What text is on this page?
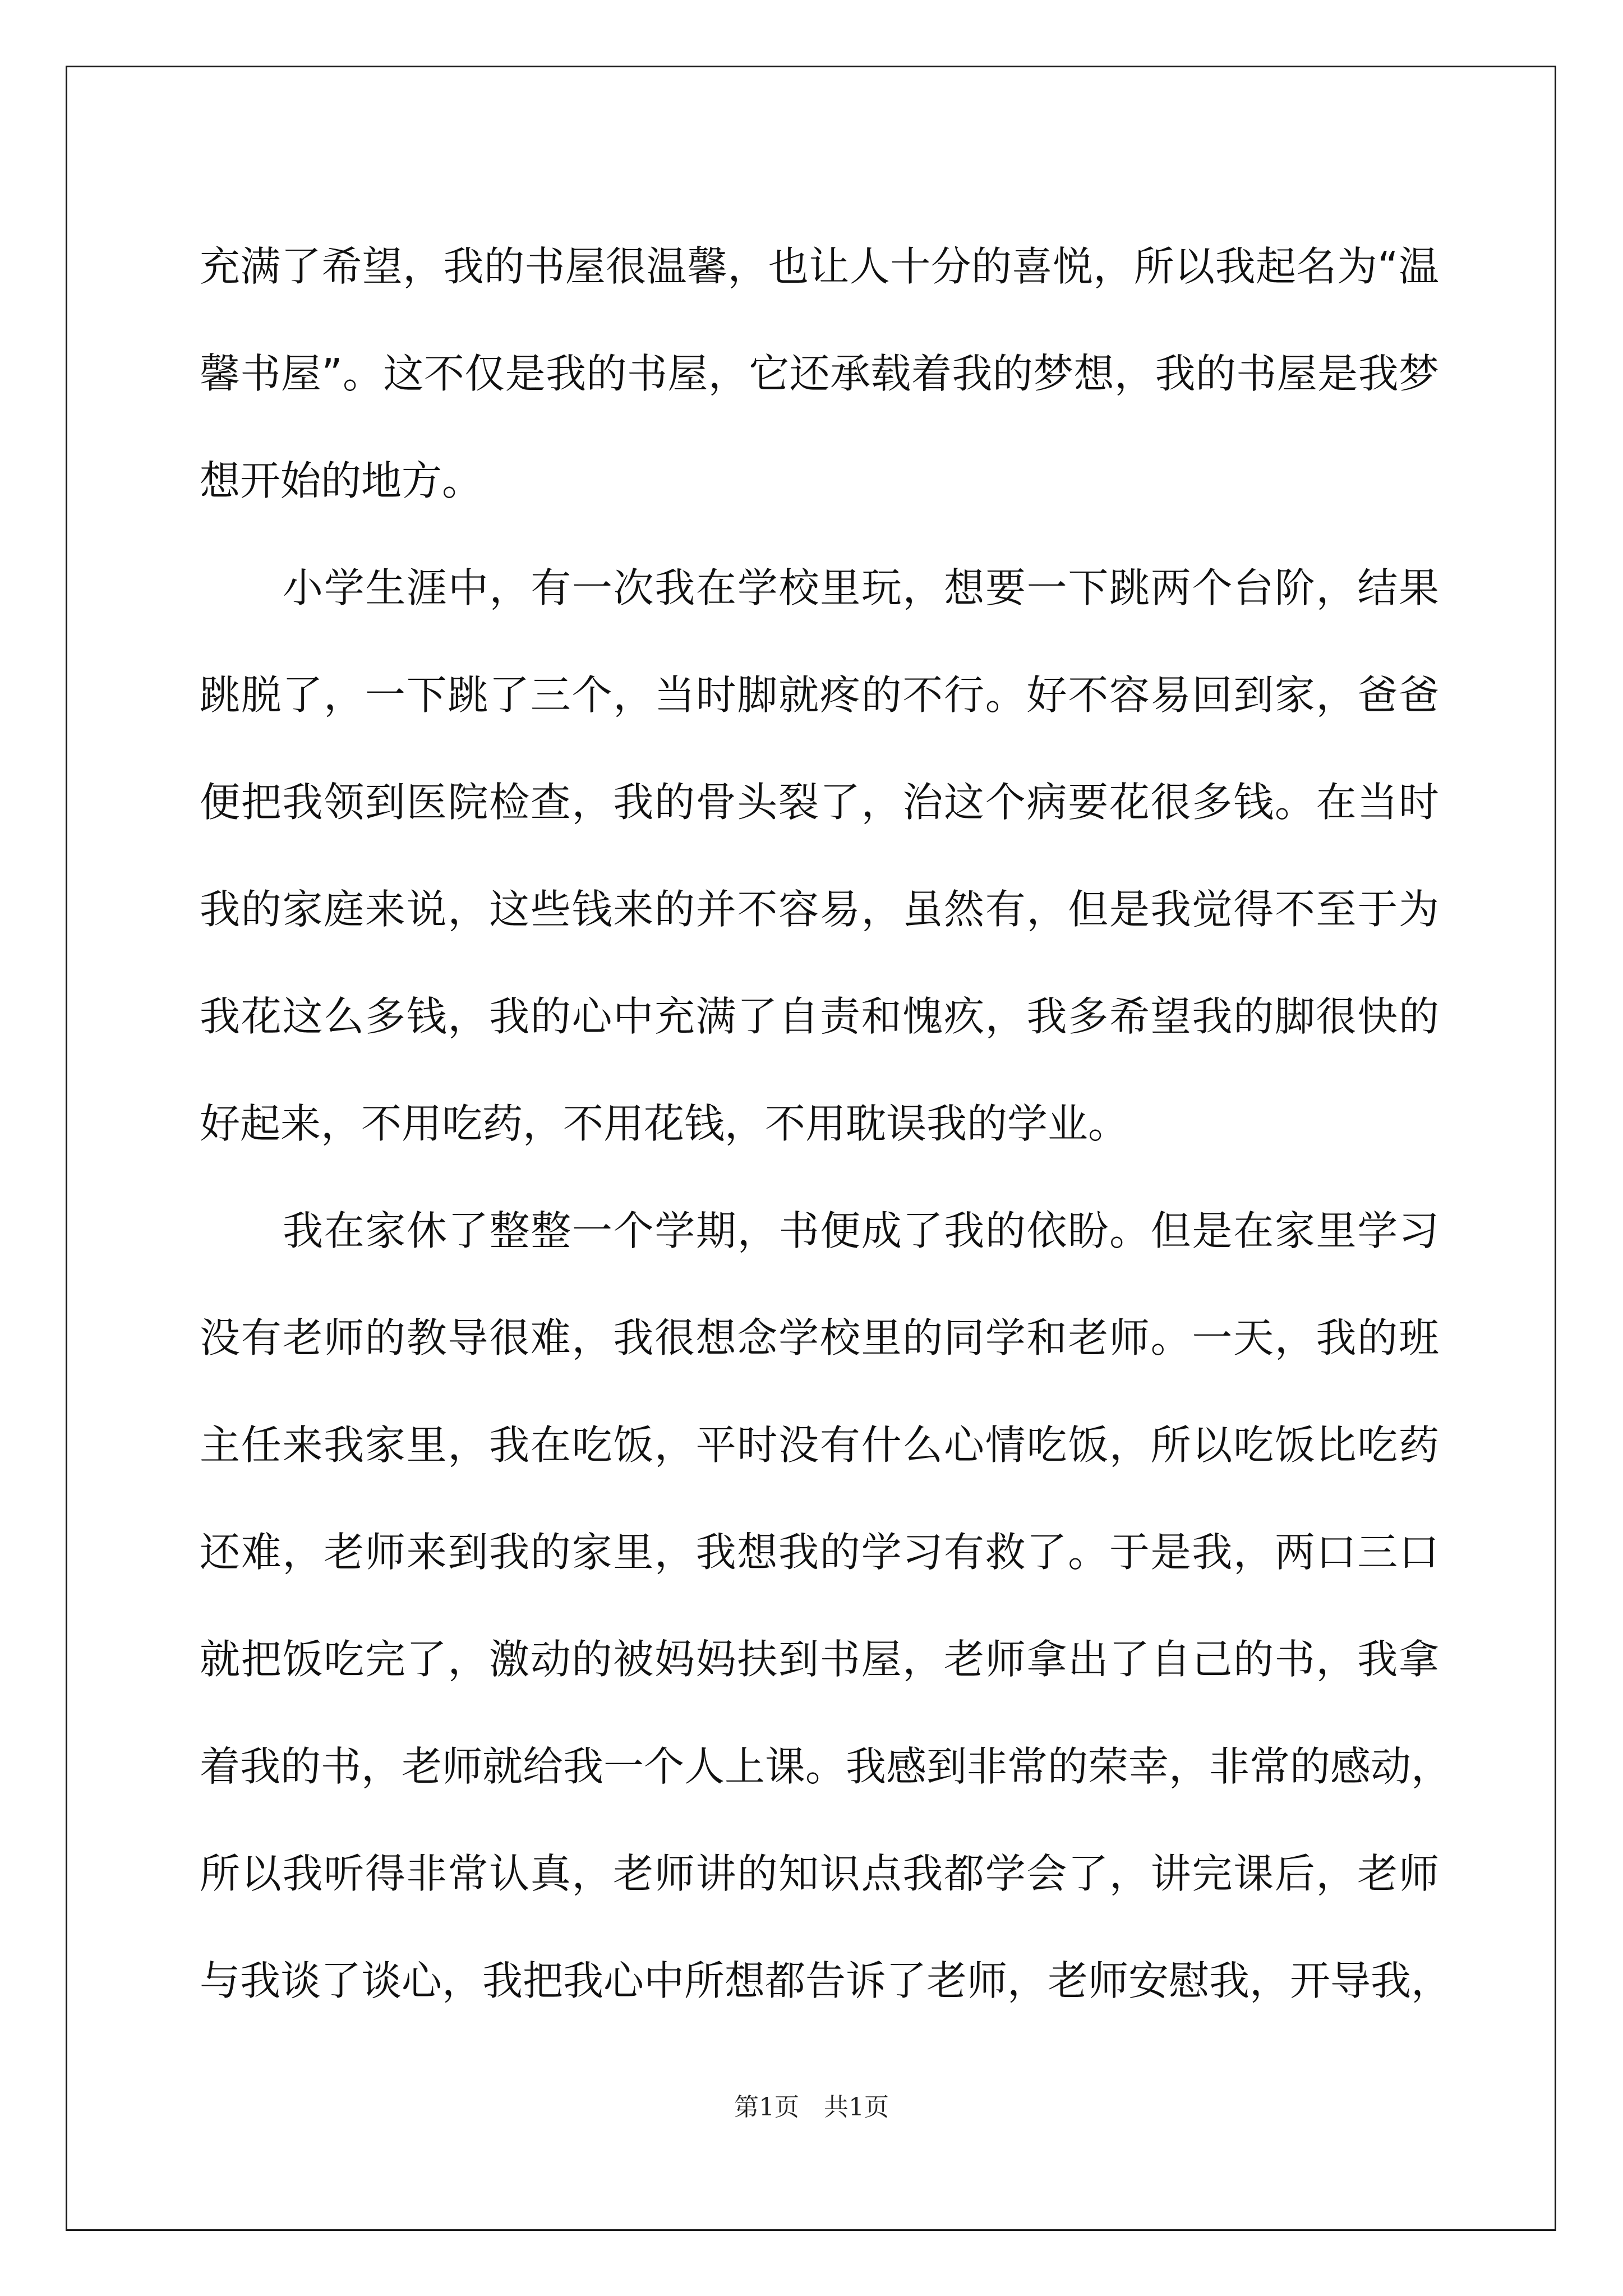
充满了希望，我的书屋很温馨，也让人十分的喜悦，所以我起名为“温
馨书屋”。这不仅是我的书屋，它还承载着我的梦想，我的书屋是我梦
想开始的地方。
小学生涯中，有一次我在学校里玩，想要一下跳两个台阶，结果
跳脱了，一下跳了三个，当时脚就疼的不行。好不容易回到家，爸爸
便把我领到医院检查，我的骨头裂了，治这个病要花很多钱。在当时
我的家庭来说，这些钱来的并不容易，虽然有，但是我觉得不至于为
我花这么多钱，我的心中充满了自责和愧疚，我多希望我的脚很快的
好起来，不用吃药，不用花钱，不用耽误我的学业。
我在家休了整整一个学期，书便成了我的依盼。但是在家里学习
没有老师的教导很难，我很想念学校里的同学和老师。一天，我的班
主任来我家里，我在吃饭，平时没有什么心情吃饭，所以吃饭比吃药
还难，老师来到我的家里，我想我的学习有救了。于是我，两口三口
就把饭吃完了，激动的被妈妈扶到书屋，老师拿出了自己的书，我拿
着我的书，老师就给我一个人上课。我感到非常的荣幸，非常的感动，
所以我听得非常认真，老师讲的知识点我都学会了，讲完课后，老师
与我谈了谈心，我把我心中所想都告诉了老师，老师安慰我，开导我，
第1页　共1页
